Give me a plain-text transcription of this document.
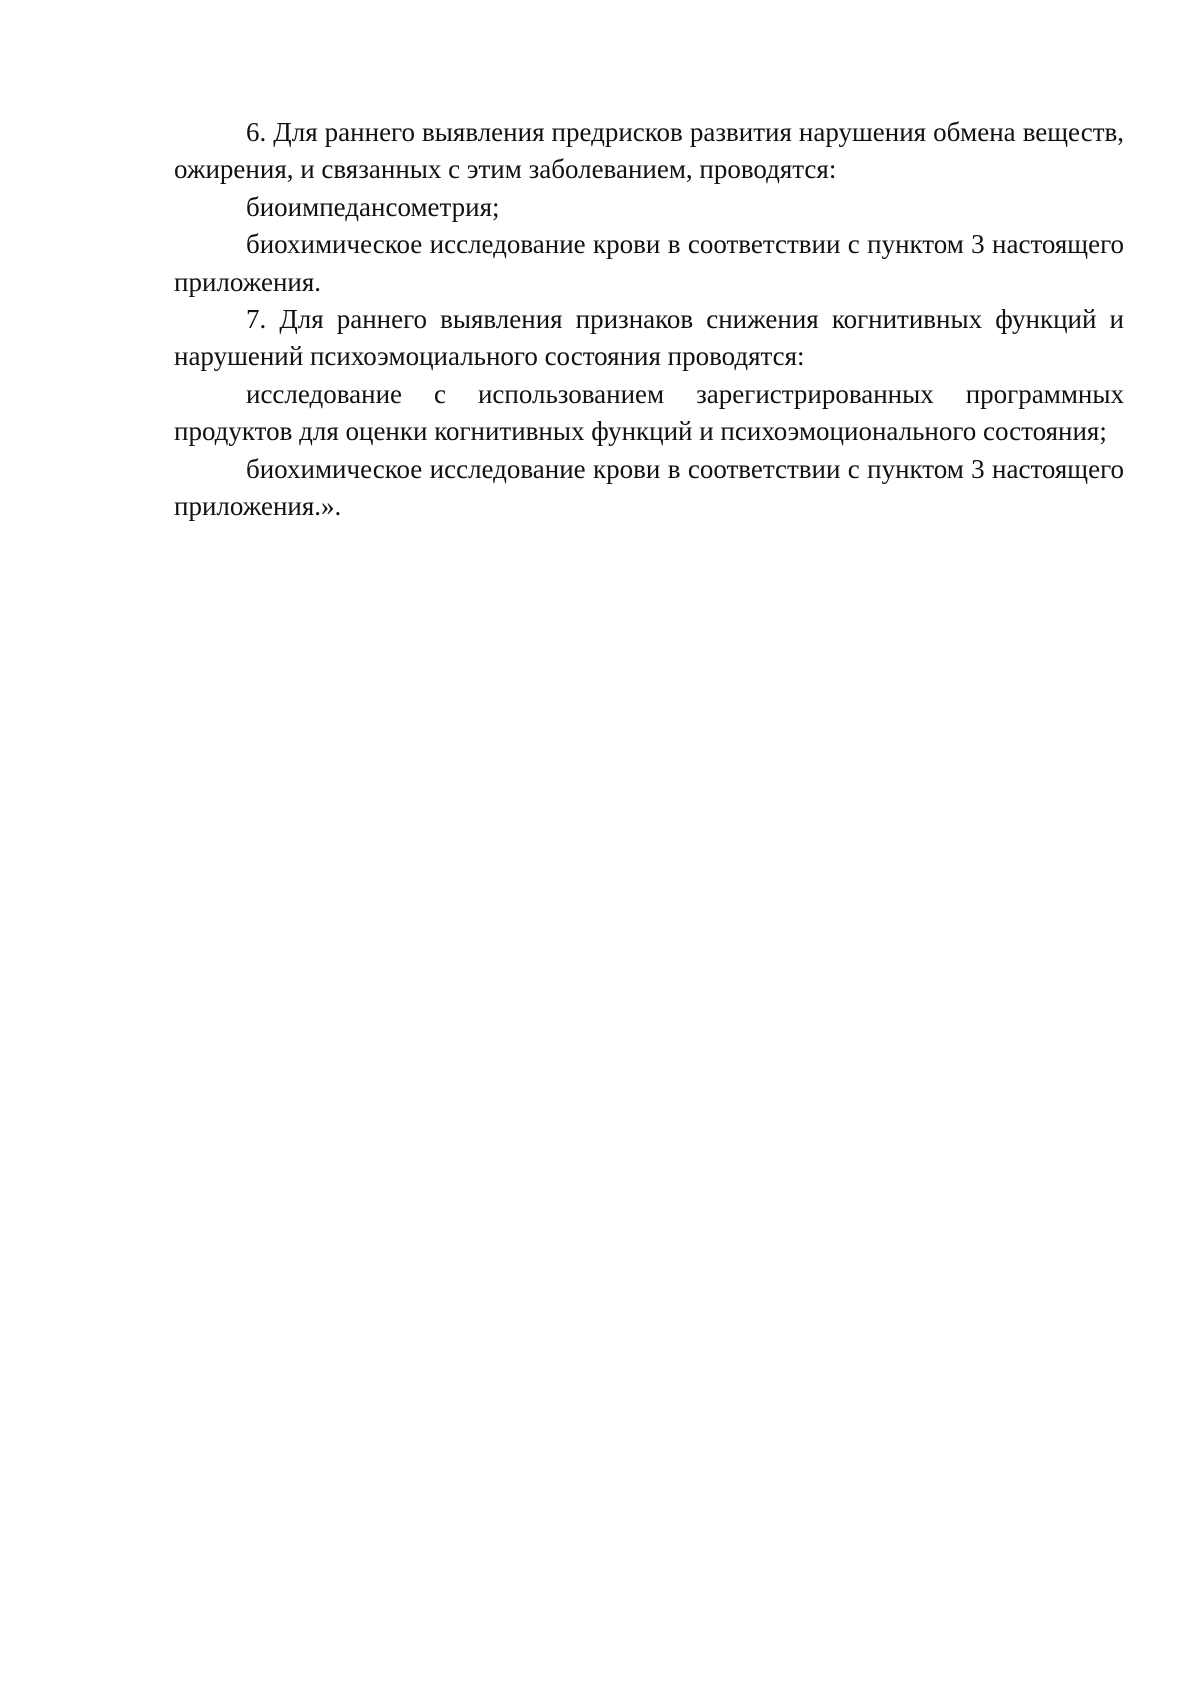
6. Для раннего выявления предрисков развития нарушения обмена веществ, ожирения, и связанных с этим заболеванием, проводятся:

биоимпедансометрия;

биохимическое исследование крови в соответствии с пунктом 3 настоящего приложения.

7. Для раннего выявления признаков снижения когнитивных функций и нарушений психоэмоциального состояния проводятся:

исследование с использованием зарегистрированных программных продуктов для оценки когнитивных функций и психоэмоционального состояния;

биохимическое исследование крови в соответствии с пунктом 3 настоящего приложения.».
